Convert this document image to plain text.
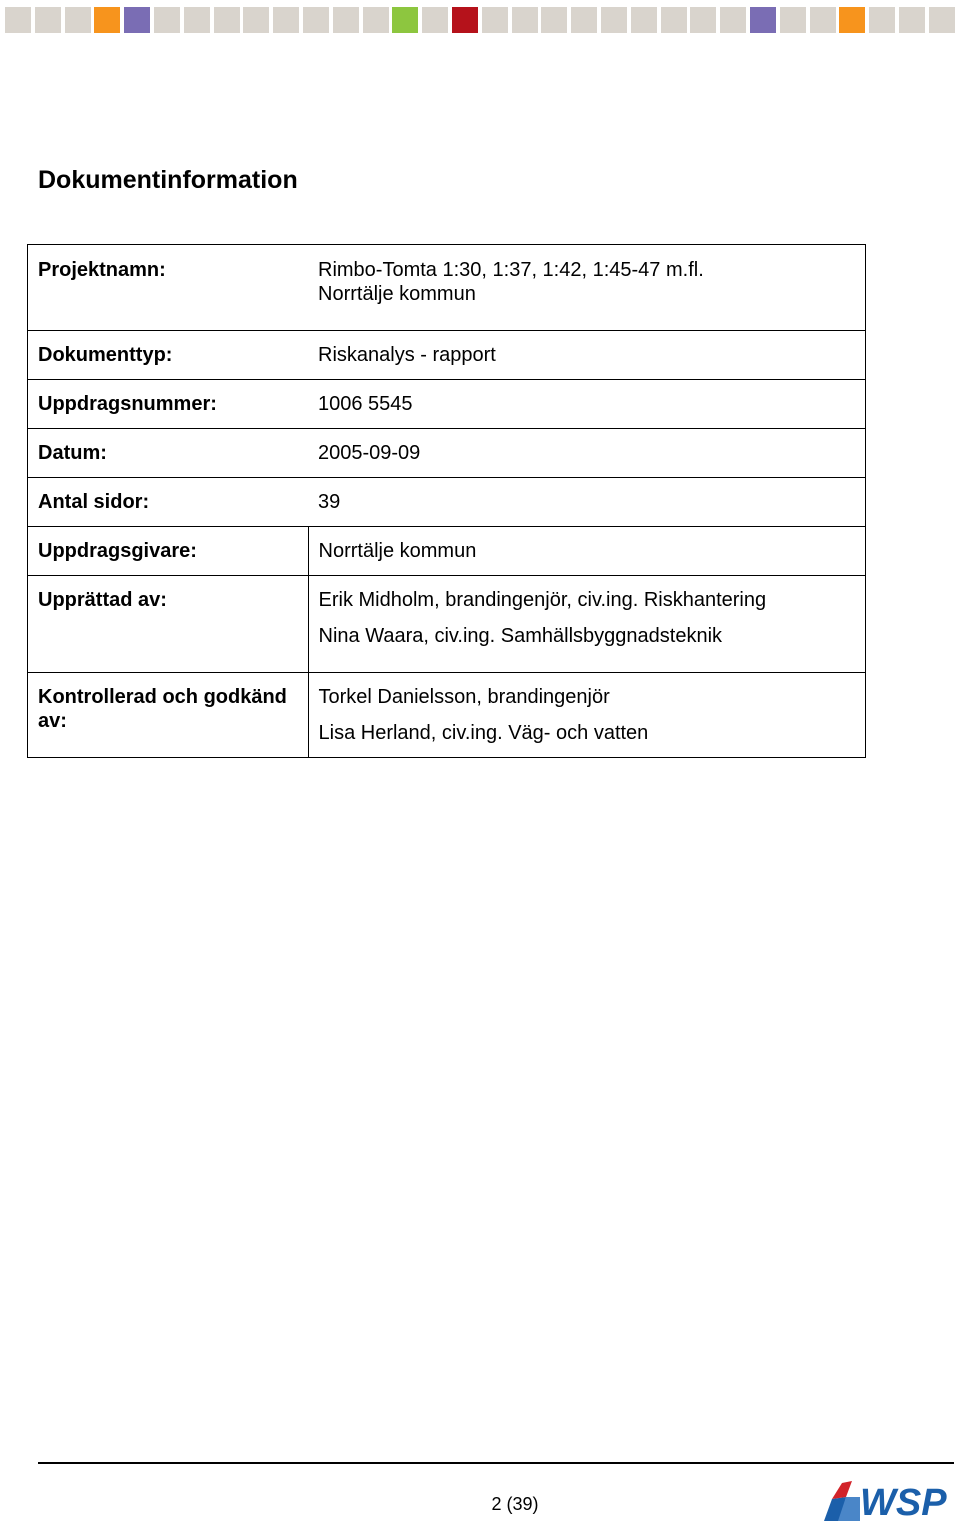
Dokumentinformation
Projektnamn:	Rimbo-Tomta 1:30, 1:37, 1:42, 1:45-47 m.fl.
Norrtälje kommun

Dokumenttyp:	Riskanalys - rapport
Uppdragsnummer:	1006 5545
Datum:	2005-09-09
Antal sidor:	39
Uppdragsgivare:	Norrtälje kommun
Upprättad av:	Erik Midholm, brandingenjör, civ.ing. Riskhantering
Nina Waara, civ.ing. Samhällsbyggnadsteknik

Kontrollerad och godkänd av:	Torkel Danielsson, brandingenjör
Lisa Herland, civ.ing. Väg- och vatten
2 (39)	WSP
